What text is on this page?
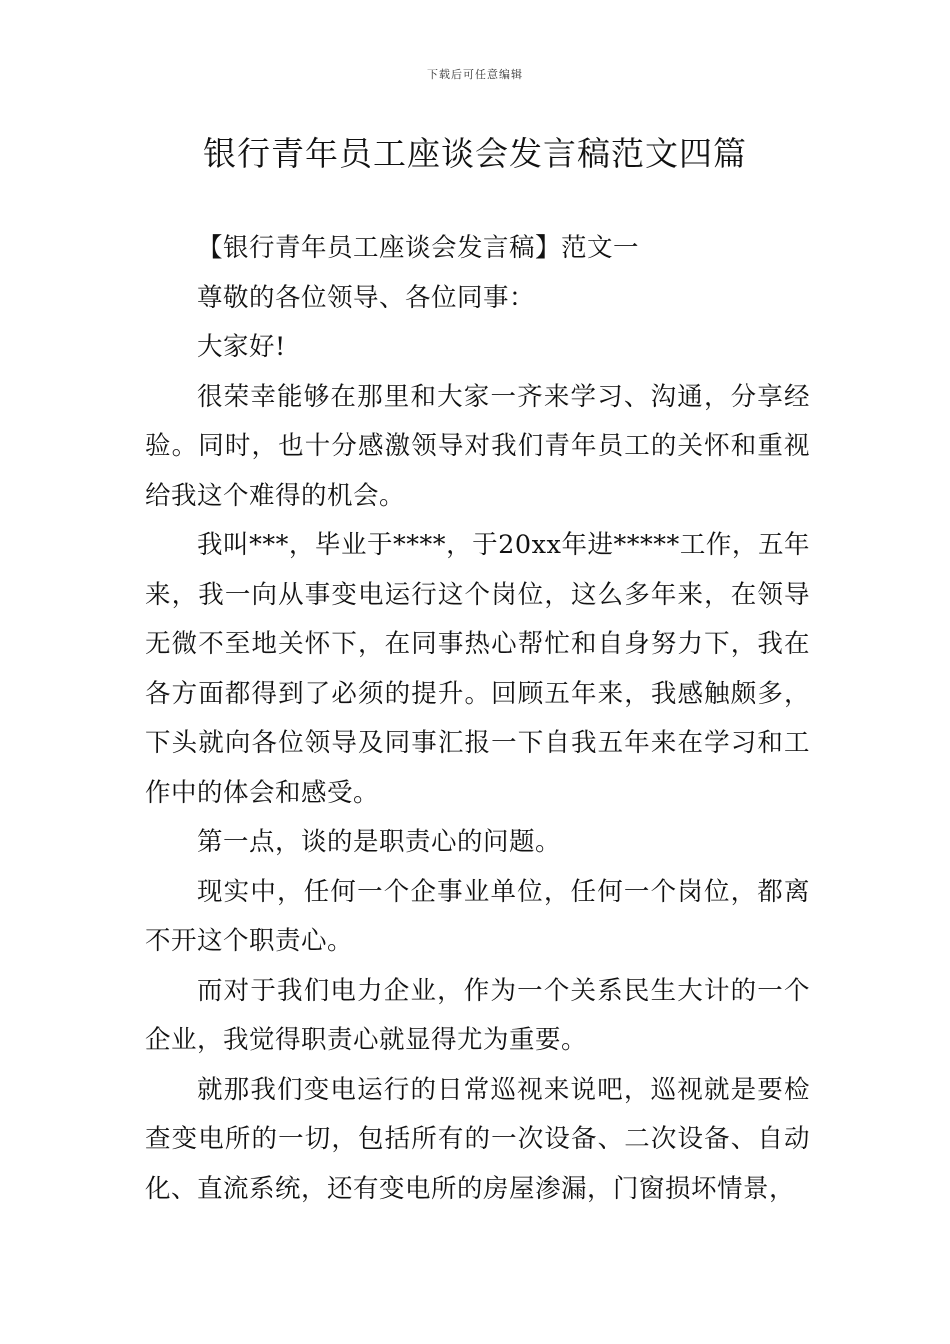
下载后可任意编辑
银行青年员工座谈会发言稿范文四篇

【银行青年员工座谈会发言稿】范文一

尊敬的各位领导、各位同事：

大家好!

很荣幸能够在那里和大家一齐来学习、沟通，分享经验。同时，也十分感激领导对我们青年员工的关怀和重视给我这个难得的机会。

我叫***，毕业于****，于20xx年进*****工作，五年来，我一向从事变电运行这个岗位，这么多年来，在领导无微不至地关怀下，在同事热心帮忙和自身努力下，我在各方面都得到了必须的提升。回顾五年来，我感触颇多，下头就向各位领导及同事汇报一下自我五年来在学习和工作中的体会和感受。

第一点，谈的是职责心的问题。

现实中，任何一个企事业单位，任何一个岗位，都离不开这个职责心。

而对于我们电力企业，作为一个关系民生大计的一个企业，我觉得职责心就显得尤为重要。

就那我们变电运行的日常巡视来说吧，巡视就是要检查变电所的一切，包括所有的一次设备、二次设备、自动化、直流系统，还有变电所的房屋渗漏，门窗损坏情景，
